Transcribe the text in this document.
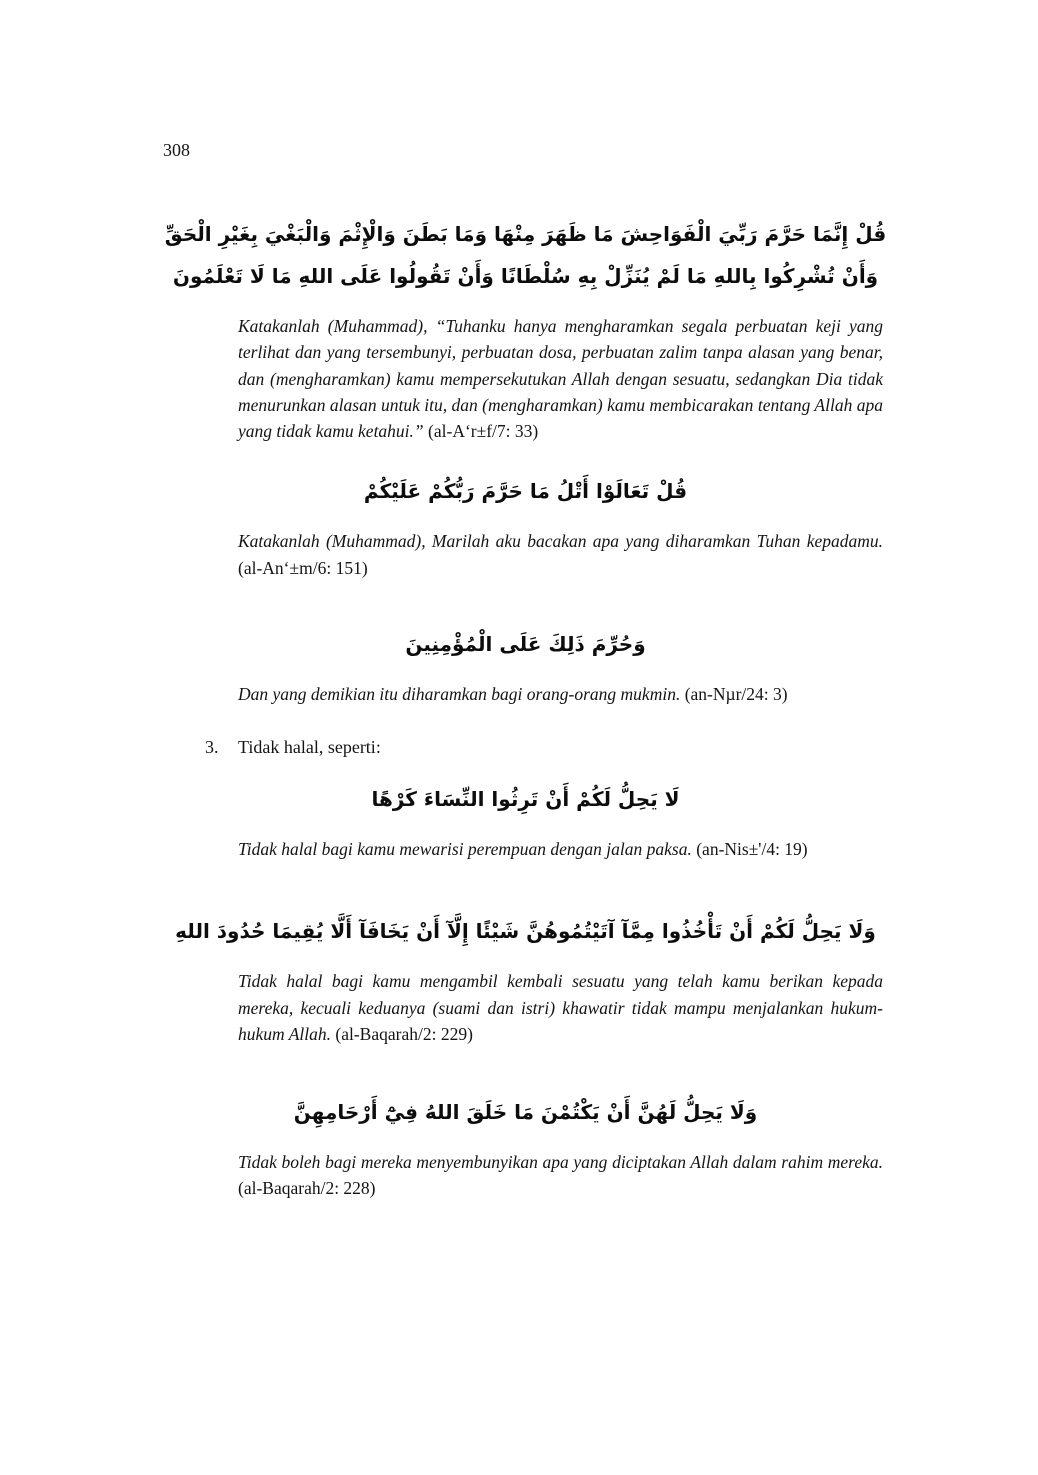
308
قُلْ إِنَّمَا حَرَّمَ رَبِّيَ الْفَوَاحِشَ مَا ظَهَرَ مِنْهَا وَمَا بَطَنَ وَالْإِثْمَ وَالْبَغْيَ بِغَيْرِ الْحَقِّ وَأَنْ تُشْرِكُوا بِاللهِ مَا لَمْ يُنَزِّلْ بِهِ سُلْطَانًا وَأَنْ تَقُولُوا عَلَى اللهِ مَا لَا تَعْلَمُونَ

Katakanlah (Muhammad), “Tuhanku hanya mengharamkan segala perbuatan keji yang terlihat dan yang tersembunyi, perbuatan dosa, perbuatan zalim tanpa alasan yang benar, dan (mengharamkan) kamu mempersekutukan Allah dengan sesuatu, sedangkan Dia tidak menurunkan alasan untuk itu, dan (mengharamkan) kamu membicarakan tentang Allah apa yang tidak kamu ketahui.” (al-A‘r±f/7: 33)

قُلْ تَعَالَوْا أَتْلُ مَا حَرَّمَ رَبُّكُمْ عَلَيْكُمْ

Katakanlah (Muhammad), Marilah aku bacakan apa yang diharamkan Tuhan kepadamu. (al-An‘±m/6: 151)

وَحُرِّمَ ذَلِكَ عَلَى الْمُؤْمِنِينَ

Dan yang demikian itu diharamkan bagi orang-orang mukmin. (an-Nµr/24: 3)

3. Tidak halal, seperti:
لَا يَحِلُّ لَكُمْ أَنْ تَرِثُوا النِّسَاءَ كَرْهًا

Tidak halal bagi kamu mewarisi perempuan dengan jalan paksa. (an-Nis±'/4: 19)

وَلَا يَحِلُّ لَكُمْ أَنْ تَأْخُذُوا مِمَّآ آتَيْتُمُوهُنَّ شَيْئًا إِلَّآ أَنْ يَخَافَآ أَلَّا يُقِيمَا حُدُودَ اللهِ

Tidak halal bagi kamu mengambil kembali sesuatu yang telah kamu berikan kepada mereka, kecuali keduanya (suami dan istri) khawatir tidak mampu menjalankan hukum-hukum Allah. (al-Baqarah/2: 229)

وَلَا يَحِلُّ لَهُنَّ أَنْ يَكْتُمْنَ مَا خَلَقَ اللهُ فِيْٓ أَرْحَامِهِنَّ

Tidak boleh bagi mereka menyembunyikan apa yang diciptakan Allah dalam rahim mereka. (al-Baqarah/2: 228)
